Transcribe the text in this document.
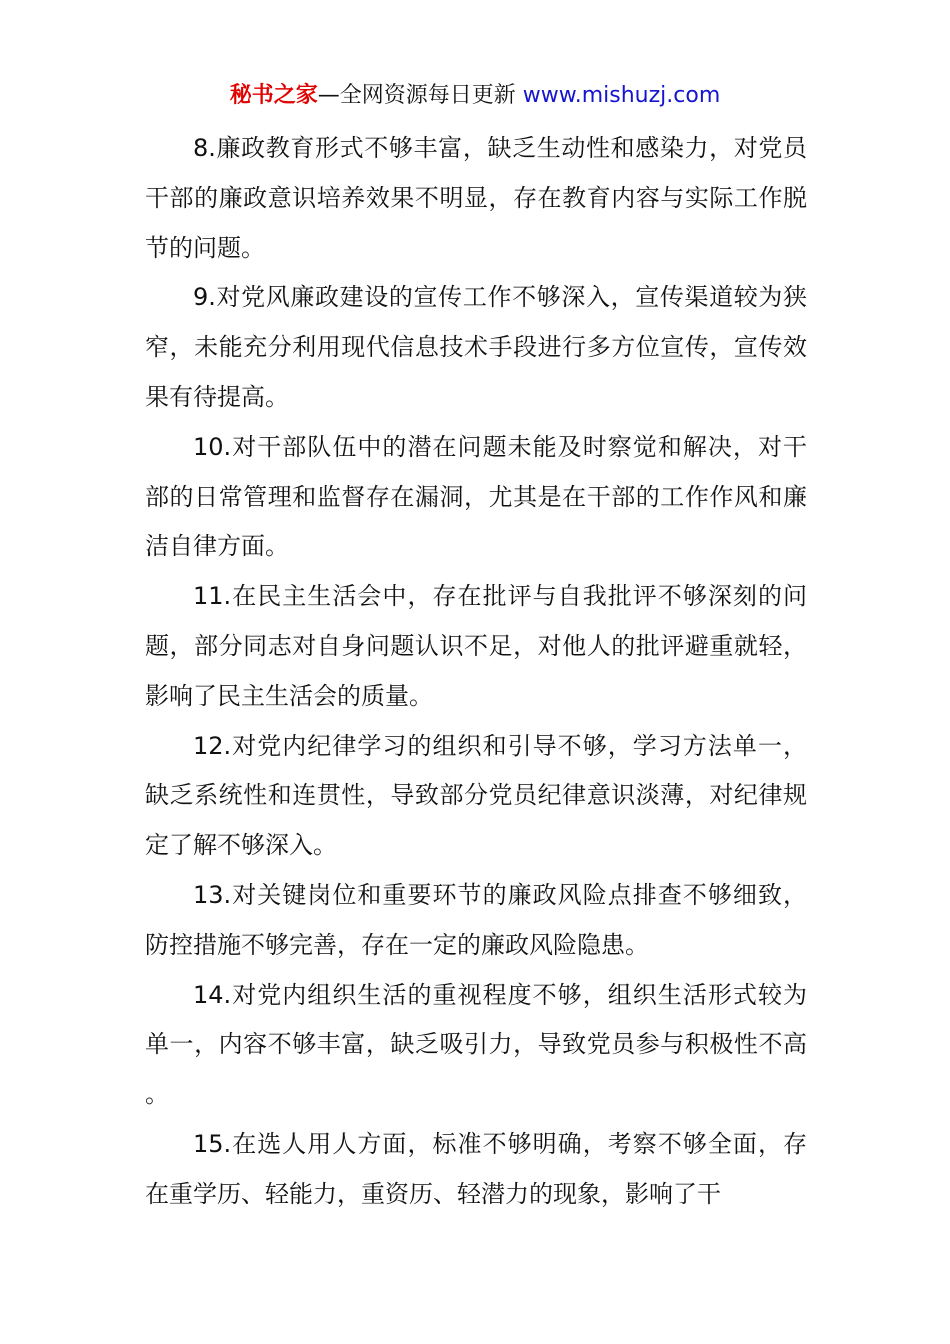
秘书之家—全网资源每日更新 www.mishuzj.com

8.廉政教育形式不够丰富，缺乏生动性和感染力，对党员干部的廉政意识培养效果不明显，存在教育内容与实际工作脱节的问题。

9.对党风廉政建设的宣传工作不够深入，宣传渠道较为狭窄，未能充分利用现代信息技术手段进行多方位宣传，宣传效果有待提高。

10.对干部队伍中的潜在问题未能及时察觉和解决，对干部的日常管理和监督存在漏洞，尤其是在干部的工作作风和廉洁自律方面。

11.在民主生活会中，存在批评与自我批评不够深刻的问题，部分同志对自身问题认识不足，对他人的批评避重就轻，影响了民主生活会的质量。

12.对党内纪律学习的组织和引导不够，学习方法单一，缺乏系统性和连贯性，导致部分党员纪律意识淡薄，对纪律规定了解不够深入。

13.对关键岗位和重要环节的廉政风险点排查不够细致，防控措施不够完善，存在一定的廉政风险隐患。

14.对党内组织生活的重视程度不够，组织生活形式较为单一，内容不够丰富，缺乏吸引力，导致党员参与积极性不高。

15.在选人用人方面，标准不够明确，考察不够全面，存在重学历、轻能力，重资历、轻潜力的现象，影响了干
